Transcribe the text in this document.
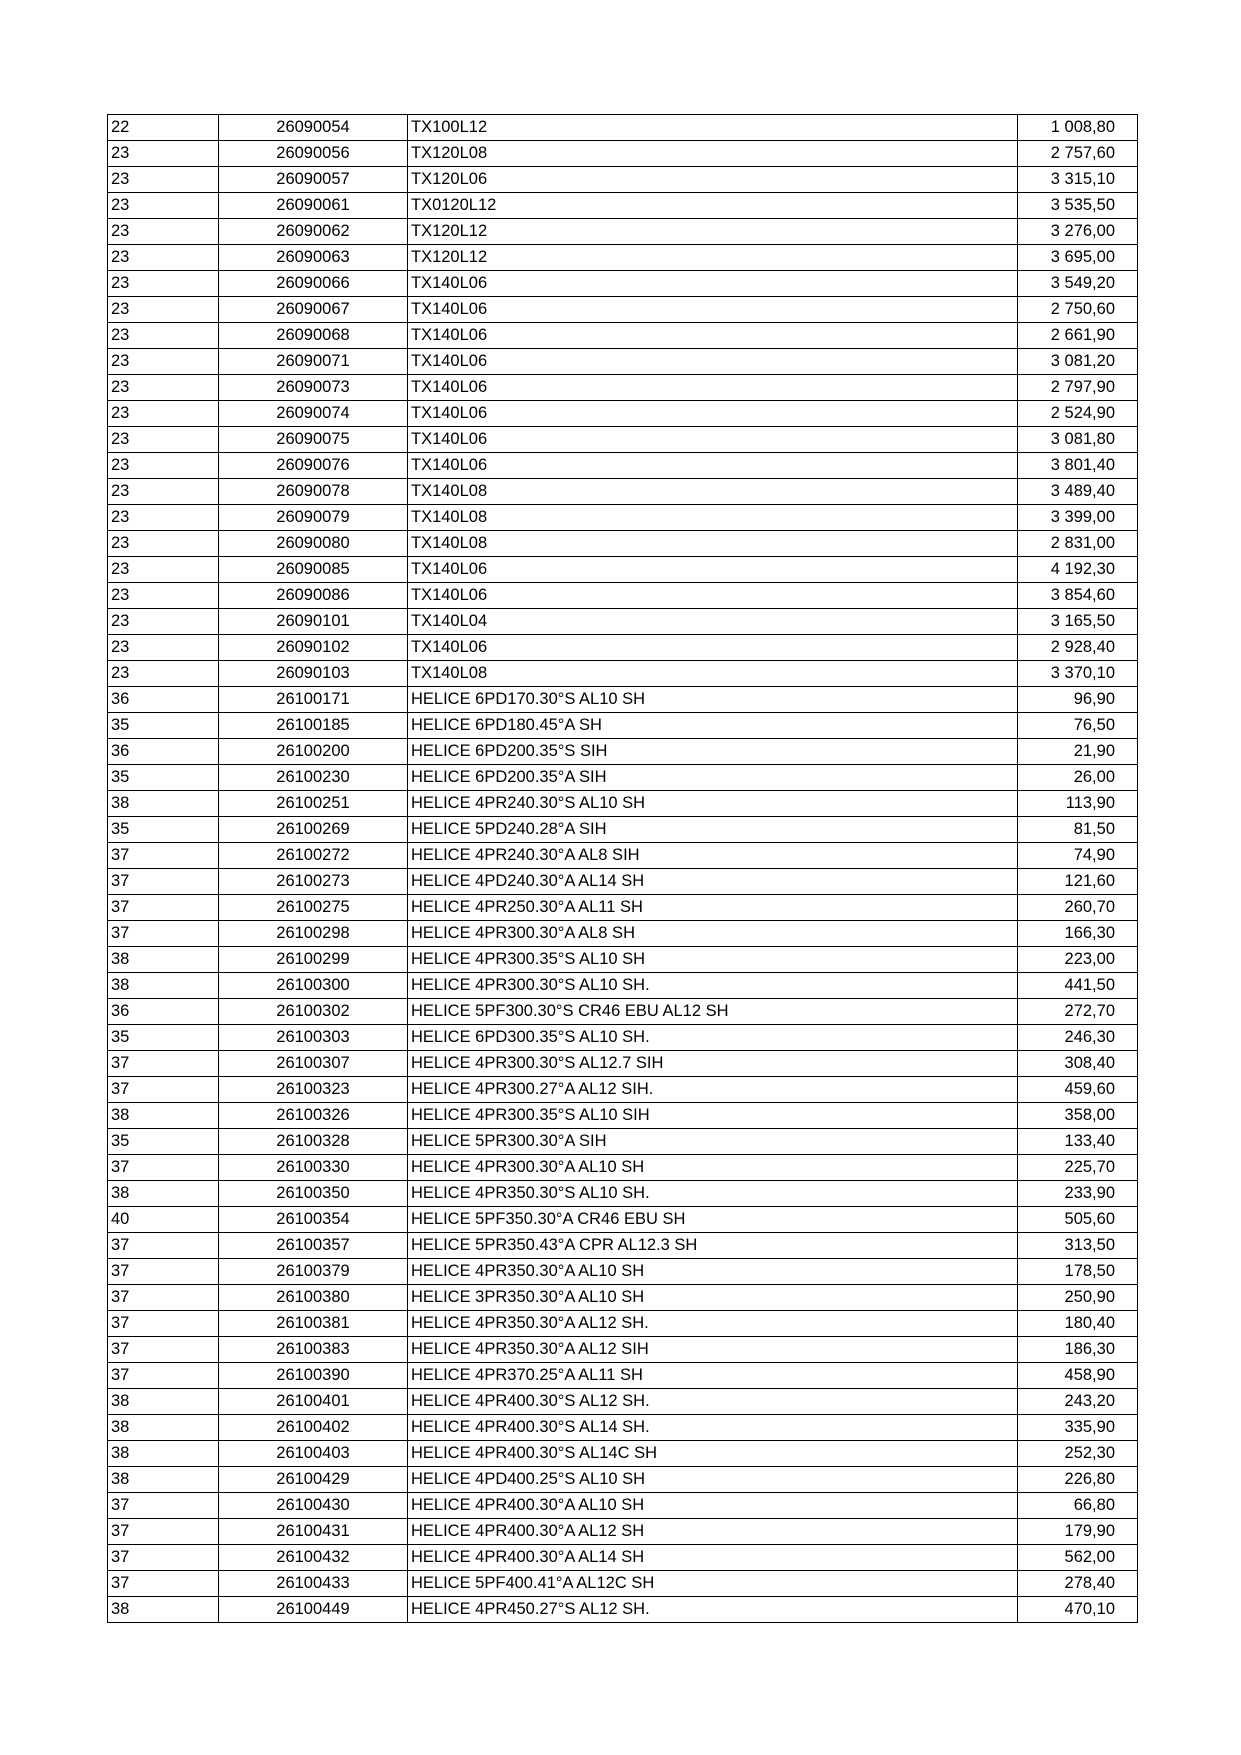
22	26090054	TX100L12	1 008,80
23	26090056	TX120L08	2 757,60
23	26090057	TX120L06	3 315,10
23	26090061	TX0120L12	3 535,50
23	26090062	TX120L12	3 276,00
23	26090063	TX120L12	3 695,00
23	26090066	TX140L06	3 549,20
23	26090067	TX140L06	2 750,60
23	26090068	TX140L06	2 661,90
23	26090071	TX140L06	3 081,20
23	26090073	TX140L06	2 797,90
23	26090074	TX140L06	2 524,90
23	26090075	TX140L06	3 081,80
23	26090076	TX140L06	3 801,40
23	26090078	TX140L08	3 489,40
23	26090079	TX140L08	3 399,00
23	26090080	TX140L08	2 831,00
23	26090085	TX140L06	4 192,30
23	26090086	TX140L06	3 854,60
23	26090101	TX140L04	3 165,50
23	26090102	TX140L06	2 928,40
23	26090103	TX140L08	3 370,10
36	26100171	HELICE 6PD170.30°S AL10 SH	96,90
35	26100185	HELICE 6PD180.45°A SH	76,50
36	26100200	HELICE 6PD200.35°S SIH	21,90
35	26100230	HELICE 6PD200.35°A SIH	26,00
38	26100251	HELICE 4PR240.30°S AL10 SH	113,90
35	26100269	HELICE 5PD240.28°A SIH	81,50
37	26100272	HELICE 4PR240.30°A AL8 SIH	74,90
37	26100273	HELICE 4PD240.30°A AL14 SH	121,60
37	26100275	HELICE 4PR250.30°A AL11 SH	260,70
37	26100298	HELICE 4PR300.30°A AL8 SH	166,30
38	26100299	HELICE 4PR300.35°S AL10 SH	223,00
38	26100300	HELICE 4PR300.30°S AL10 SH.	441,50
36	26100302	HELICE 5PF300.30°S CR46 EBU AL12 SH	272,70
35	26100303	HELICE 6PD300.35°S AL10 SH.	246,30
37	26100307	HELICE 4PR300.30°S AL12.7 SIH	308,40
37	26100323	HELICE 4PR300.27°A AL12 SIH.	459,60
38	26100326	HELICE 4PR300.35°S AL10 SIH	358,00
35	26100328	HELICE 5PR300.30°A SIH	133,40
37	26100330	HELICE 4PR300.30°A AL10 SH	225,70
38	26100350	HELICE 4PR350.30°S AL10 SH.	233,90
40	26100354	HELICE 5PF350.30°A CR46 EBU SH	505,60
37	26100357	HELICE 5PR350.43°A CPR AL12.3 SH	313,50
37	26100379	HELICE 4PR350.30°A AL10 SH	178,50
37	26100380	HELICE 3PR350.30°A AL10 SH	250,90
37	26100381	HELICE 4PR350.30°A AL12 SH.	180,40
37	26100383	HELICE 4PR350.30°A AL12 SIH	186,30
37	26100390	HELICE 4PR370.25°A AL11 SH	458,90
38	26100401	HELICE 4PR400.30°S AL12 SH.	243,20
38	26100402	HELICE 4PR400.30°S AL14 SH.	335,90
38	26100403	HELICE 4PR400.30°S AL14C SH	252,30
38	26100429	HELICE 4PD400.25°S AL10 SH	226,80
37	26100430	HELICE 4PR400.30°A AL10 SH	66,80
37	26100431	HELICE 4PR400.30°A AL12 SH	179,90
37	26100432	HELICE 4PR400.30°A AL14 SH	562,00
37	26100433	HELICE 5PF400.41°A AL12C SH	278,40
38	26100449	HELICE 4PR450.27°S AL12 SH.	470,10
